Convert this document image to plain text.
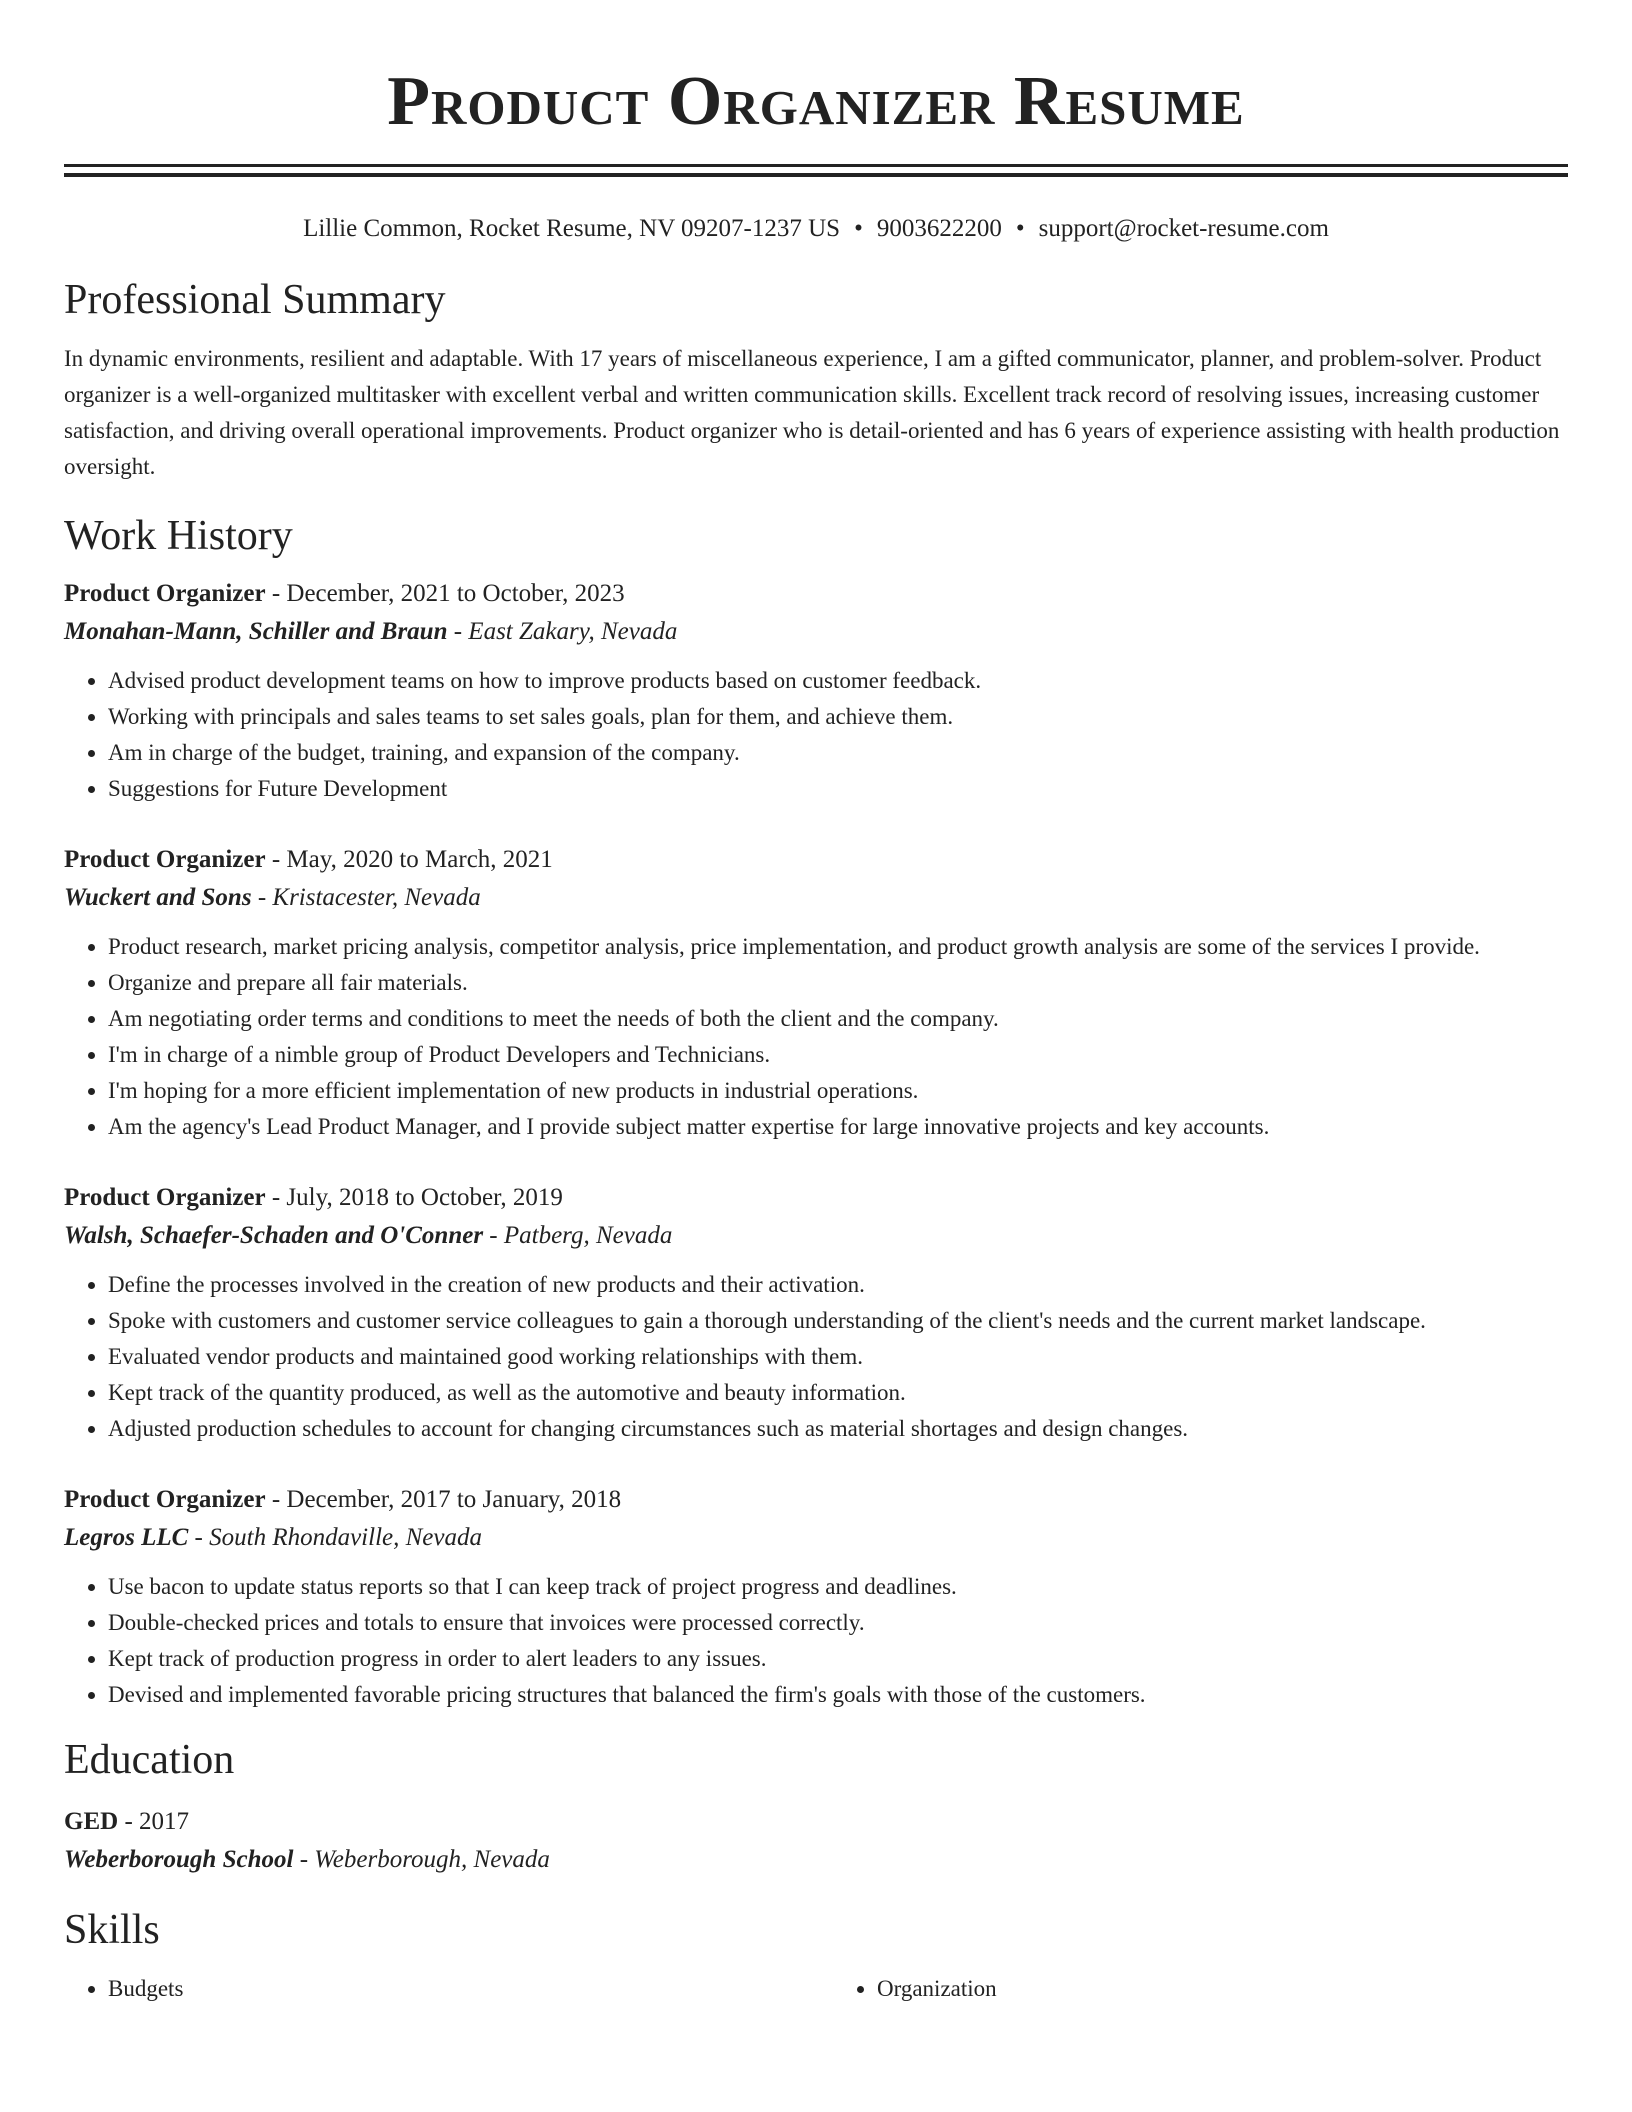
Product Organizer Resume
Lillie Common, Rocket Resume, NV 09207-1237 US • 9003622200 • support@rocket-resume.com
Professional Summary

In dynamic environments, resilient and adaptable. With 17 years of miscellaneous experience, I am a gifted communicator, planner, and problem-solver. Product organizer is a well-organized multitasker with excellent verbal and written communication skills. Excellent track record of resolving issues, increasing customer satisfaction, and driving overall operational improvements. Product organizer who is detail-oriented and has 6 years of experience assisting with health production oversight.

Work History
Product Organizer - December, 2021 to October, 2023
Monahan-Mann, Schiller and Braun - East Zakary, Nevada
• Advised product development teams on how to improve products based on customer feedback.
• Working with principals and sales teams to set sales goals, plan for them, and achieve them.
• Am in charge of the budget, training, and expansion of the company.
• Suggestions for Future Development
Product Organizer - May, 2020 to March, 2021
Wuckert and Sons - Kristacester, Nevada
• Product research, market pricing analysis, competitor analysis, price implementation, and product growth analysis are some of the services I provide.
• Organize and prepare all fair materials.
• Am negotiating order terms and conditions to meet the needs of both the client and the company.
• I'm in charge of a nimble group of Product Developers and Technicians.
• I'm hoping for a more efficient implementation of new products in industrial operations.
• Am the agency's Lead Product Manager, and I provide subject matter expertise for large innovative projects and key accounts.
Product Organizer - July, 2018 to October, 2019
Walsh, Schaefer-Schaden and O'Conner - Patberg, Nevada
• Define the processes involved in the creation of new products and their activation.
• Spoke with customers and customer service colleagues to gain a thorough understanding of the client's needs and the current market landscape.
• Evaluated vendor products and maintained good working relationships with them.
• Kept track of the quantity produced, as well as the automotive and beauty information.
• Adjusted production schedules to account for changing circumstances such as material shortages and design changes.
Product Organizer - December, 2017 to January, 2018
Legros LLC - South Rhondaville, Nevada
• Use bacon to update status reports so that I can keep track of project progress and deadlines.
• Double-checked prices and totals to ensure that invoices were processed correctly.
• Kept track of production progress in order to alert leaders to any issues.
• Devised and implemented favorable pricing structures that balanced the firm's goals with those of the customers.
Education
GED - 2017
Weberborough School - Weberborough, Nevada
Skills
• Budgets
•	Organization
